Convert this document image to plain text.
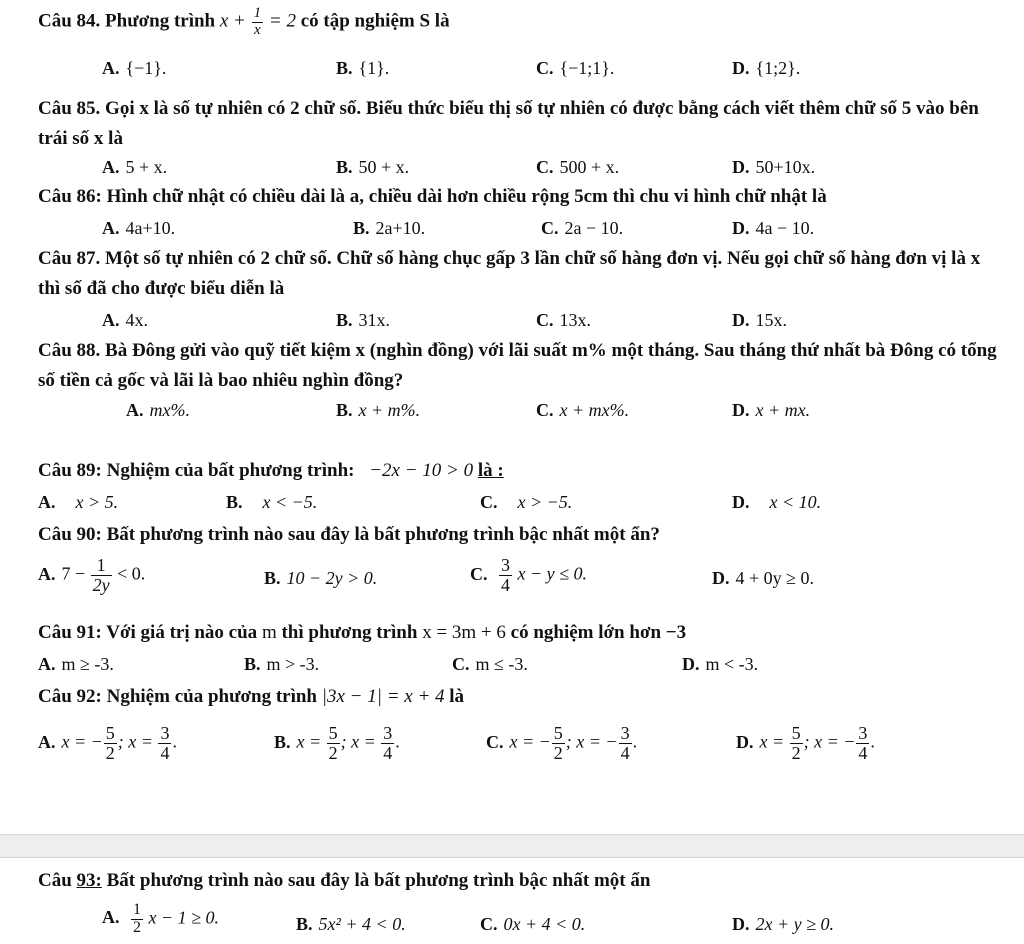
Câu 84. Phương trình $x + \frac{1}{x} = 2$ có tập nghiệm S là
A. {−1}.	B. {1}.	C. {−1;1}.	D. {1;2}.
Câu 85. Gọi x là số tự nhiên có 2 chữ số. Biểu thức biểu thị số tự nhiên có được bằng cách viết thêm chữ số 5 vào bên trái số x là
A. 5 + x.	B. 50 + x.	C. 500 + x.	D. 50+10x.
Câu 86: Hình chữ nhật có chiều dài là a, chiều dài hơn chiều rộng 5cm thì chu vi hình chữ nhật là
A. 4a+10.	B. 2a+10.	C. 2a − 10.	D. 4a − 10.
Câu 87. Một số tự nhiên có 2 chữ số. Chữ số hàng chục gấp 3 lần chữ số hàng đơn vị. Nếu gọi chữ số hàng đơn vị là x thì số đã cho được biểu diễn là
A. 4x.	B. 31x.	C. 13x.	D. 15x.
Câu 88. Bà Đông gửi vào quỹ tiết kiệm x (nghìn đồng) với lãi suất m% một tháng. Sau tháng thứ nhất bà Đông có tổng số tiền cả gốc và lãi là bao nhiêu nghìn đồng?
A. mx%.	B. x + m%.	C. x + mx%.	D. x + mx.
Câu 89: Nghiệm của bất phương trình: −2x − 10 > 0 là :
A. x > 5.	B. x < −5.	C. x > −5.	D. x < 10.
Câu 90: Bất phương trình nào sau đây là bất phương trình bậc nhất một ẩn?
A. $7 - \frac{1}{2y} < 0$.	B. 10 − 2y > 0.	C. $\frac{3}{4}$ x − y ≤ 0.	D. 4 + 0y ≥ 0.
Câu 91: Với giá trị nào của m thì phương trình x = 3m + 6 có nghiệm lớn hơn −3
A. m ≥ -3.	B. m > -3.	C. m ≤ -3.	D. m < -3.
Câu 92: Nghiệm của phương trình |3x − 1| = x + 4 là
A. x = − $\frac{5}{2}$ ; $x = \frac{3}{4}$ .	B. $x = \frac{5}{2}$ ; $x = \frac{3}{4}$ .	C. x = − $\frac{5}{2}$ ; x = − $\frac{3}{4}$ .	D. $x = \frac{5}{2}$ ; x = − $\frac{3}{4}$ .
Câu 93: Bất phương trình nào sau đây là bất phương trình bậc nhất một ẩn
A. $\frac{1}{2}$ x − 1 ≥ 0.	B. 5x² + 4 < 0.	C. 0x + 4 < 0.	D. 2x + y ≥ 0.
